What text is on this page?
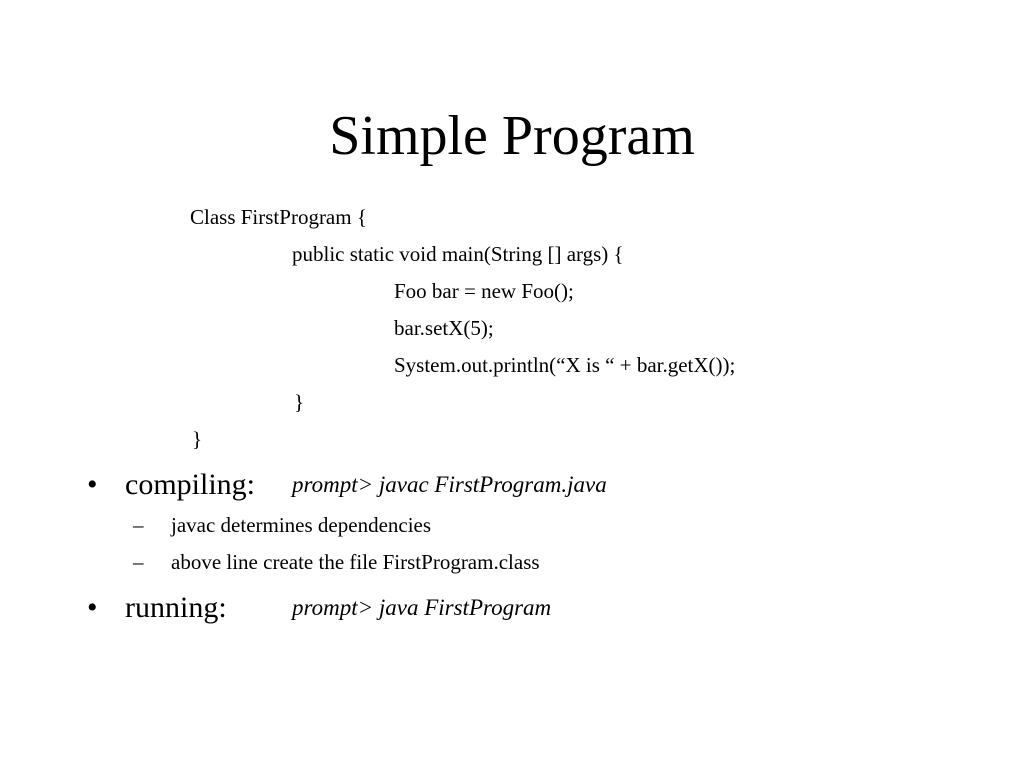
Simple Program
Class FirstProgram {
public static void main(String [] args) {
Foo bar = new Foo();
bar.setX(5);
System.out.println(“X is “ + bar.getX());
}
}
• compiling: prompt> javac FirstProgram.java
– javac determines dependencies
– above line create the file FirstProgram.class
• running:	prompt> java FirstProgram
